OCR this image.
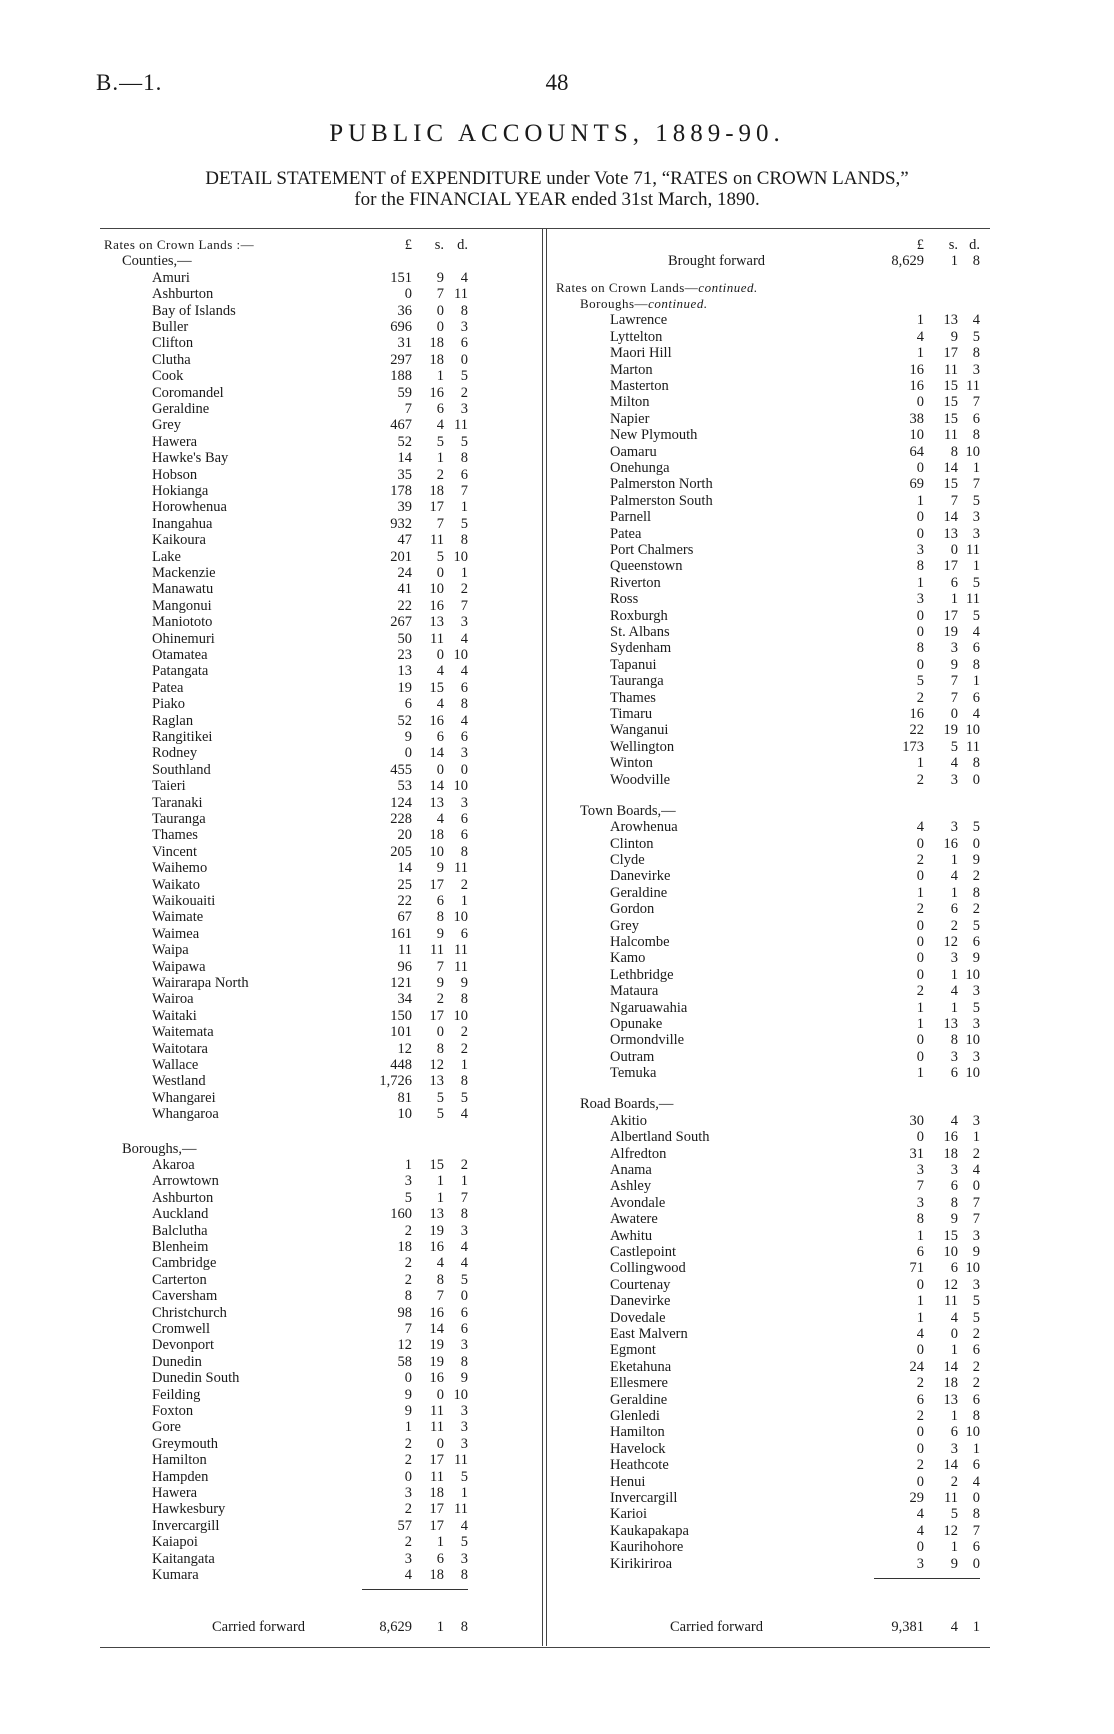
B.—1.	48
PUBLIC ACCOUNTS, 1889-90.
DETAIL STATEMENT of EXPENDITURE under Vote 71, “RATES on CROWN LANDS,”
for the FINANCIAL YEAR ended 31st March, 1890.
Rates on Crown Lands :—	£	s. d.
Counties,—
Amuri	151	9	4
Ashburton	0	7 11
Bay of Islands	36	0	8
Buller	696	0	3
Clifton	31	18	6
Clutha	297	18	0
Cook	188	1	5
Coromandel	59	16	2
Geraldine	7	6	3
Grey	467	4 11
Hawera	52	5	5
Hawke's Bay	14	1	8
Hobson	35	2	6
Hokianga	178	18	7
Horowhenua	39	17	1
Inangahua	932	7	5
Kaikoura	47	11	8
Lake	201	5 10
Mackenzie	24	0	1
Manawatu	41	10	2
Mangonui	22	16	7
Maniototo	267	13	3
Ohinemuri	50	11	4
Otamatea	23	0 10
Patangata	13	4	4
Patea	19	15	6
Piako	6	4	8
Raglan	52	16	4
Rangitikei	9	6	6
Rodney	0	14	3
Southland	455	0	0
Taieri	53	14 10
Taranaki	124	13	3
Tauranga	228	4	6
Thames	20	18	6
Vincent	205	10	8
Waihemo	14	9 11
Waikato	25	17	2
Waikouaiti	22	6	1
Waimate	67	8 10
Waimea	161	9	6
Waipa	11	11 11
Waipawa	96	7 11
Wairarapa North	121	9	9
Wairoa	34	2	8
Waitaki	150	17 10
Waitemata	101	0	2
Waitotara	12	8	2
Wallace	448	12	1
Westland	1,726	13	8
Whangarei	81	5	5
Whangaroa	10	5	4
Boroughs,—
Akaroa	1	15	2
Arrowtown	3	1	1
Ashburton	5	1	7
Auckland	160	13	8
Balclutha	2	19	3
Blenheim	18	16	4
Cambridge	2	4	4
Carterton	2	8	5
Caversham	8	7	0
Christchurch	98	16	6
Cromwell	7	14	6
Devonport	12	19	3
Dunedin	58	19	8
Dunedin South	0	16	9
Feilding	9	0 10
Foxton	9	11	3
Gore	1	11	3
Greymouth	2	0	3
Hamilton	2	17 11
Hampden	0	11	5
Hawera	3	18	1
Hawkesbury	2	17 11
Invercargill	57	17	4
Kaiapoi	2	1	5
Kaitangata	3	6	3
Kumara	4	18	8
Carried forward	8,629	1	8
£	s. d.
Brought forward	8,629	1	8
Rates on Crown Lands—continued.
Boroughs—continued.
Lawrence	1	13	4
Lyttelton	4	9	5
Maori Hill	1	17	8
Marton	16	11	3
Masterton	16	15 11
Milton	0	15	7
Napier	38	15	6
New Plymouth	10	11	8
Oamaru	64	8 10
Onehunga	0	14	1
Palmerston North	69	15	7
Palmerston South	1	7	5
Parnell	0	14	3
Patea	0	13	3
Port Chalmers	3	0 11
Queenstown	8	17	1
Riverton	1	6	5
Ross	3	1 11
Roxburgh	0	17	5
St. Albans	0	19	4
Sydenham	8	3	6
Tapanui	0	9	8
Tauranga	5	7	1
Thames	2	7	6
Timaru	16	0	4
Wanganui	22	19 10
Wellington	173	5 11
Winton	1	4	8
Woodville	2	3	0
Town Boards,—
Arowhenua	4	3	5
Clinton	0	16	0
Clyde	2	1	9
Danevirke	0	4	2
Geraldine	1	1	8
Gordon	2	6	2
Grey	0	2	5
Halcombe	0	12	6
Kamo	0	3	9
Lethbridge	0	1 10
Mataura	2	4	3
Ngaruawahia	1	1	5
Opunake	1	13	3
Ormondville	0	8 10
Outram	0	3	3
Temuka	1	6 10
Road Boards,—
Akitio	30	4	3
Albertland South	0	16	1
Alfredton	31	18	2
Anama	3	3	4
Ashley	7	6	0
Avondale	3	8	7
Awatere	8	9	7
Awhitu	1	15	3
Castlepoint	6	10	9
Collingwood	71	6 10
Courtenay	0	12	3
Danevirke	1	11	5
Dovedale	1	4	5
East Malvern	4	0	2
Egmont	0	1	6
Eketahuna	24	14	2
Ellesmere	2	18	2
Geraldine	6	13	6
Glenledi	2	1	8
Hamilton	0	6 10
Havelock	0	3	1
Heathcote	2	14	6
Henui	0	2	4
Invercargill	29	11	0
Karioi	4	5	8
Kaukapakapa	4	12	7
Kaurihohore	0	1	6
Kirikiriroa	3	9	0
Carried forward	9,381	4	1
